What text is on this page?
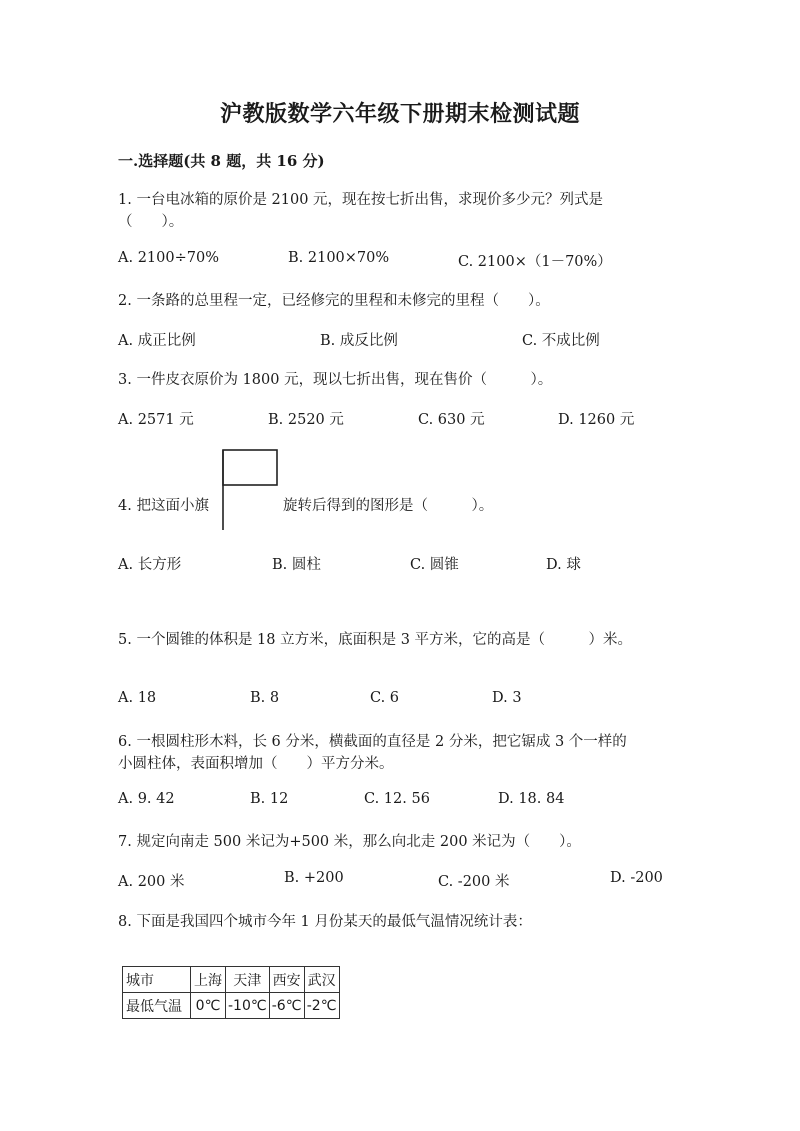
沪教版数学六年级下册期末检测试题
一.选择题(共 8 题，共 16 分)
1. 一台电冰箱的原价是 2100 元，现在按七折出售，求现价多少元？列式是
（　　）。
A. 2100÷70%	B. 2100×70%	C. 2100×（1－70%）
2. 一条路的总里程一定，已经修完的里程和未修完的里程（　　）。
A. 成正比例	B. 成反比例	C. 不成比例
3. 一件皮衣原价为 1800 元，现以七折出售，现在售价（　　　）。
A. 2571 元	B. 2520 元	C. 630 元	D. 1260 元
4. 把这面小旗	旋转后得到的图形是（　　　）。
A. 长方形	B. 圆柱	C. 圆锥	D. 球
5. 一个圆锥的体积是 18 立方米，底面积是 3 平方米，它的高是（　　　）米。
A. 18	B. 8	C. 6	D. 3
6. 一根圆柱形木料，长 6 分米，横截面的直径是 2 分米，把它锯成 3 个一样的
小圆柱体，表面积增加（　　）平方分米。
A. 9. 42	B. 12	C. 12. 56	D. 18. 84
7. 规定向南走 500 米记为+500 米，那么向北走 200 米记为（　　）。
A. 200 米	B. +200	C. -200 米	D. -200
8. 下面是我国四个城市今年 1 月份某天的最低气温情况统计表：
城市	上海	天津	西安	武汉
最低气温	0℃	-10℃	-6℃	-2℃
